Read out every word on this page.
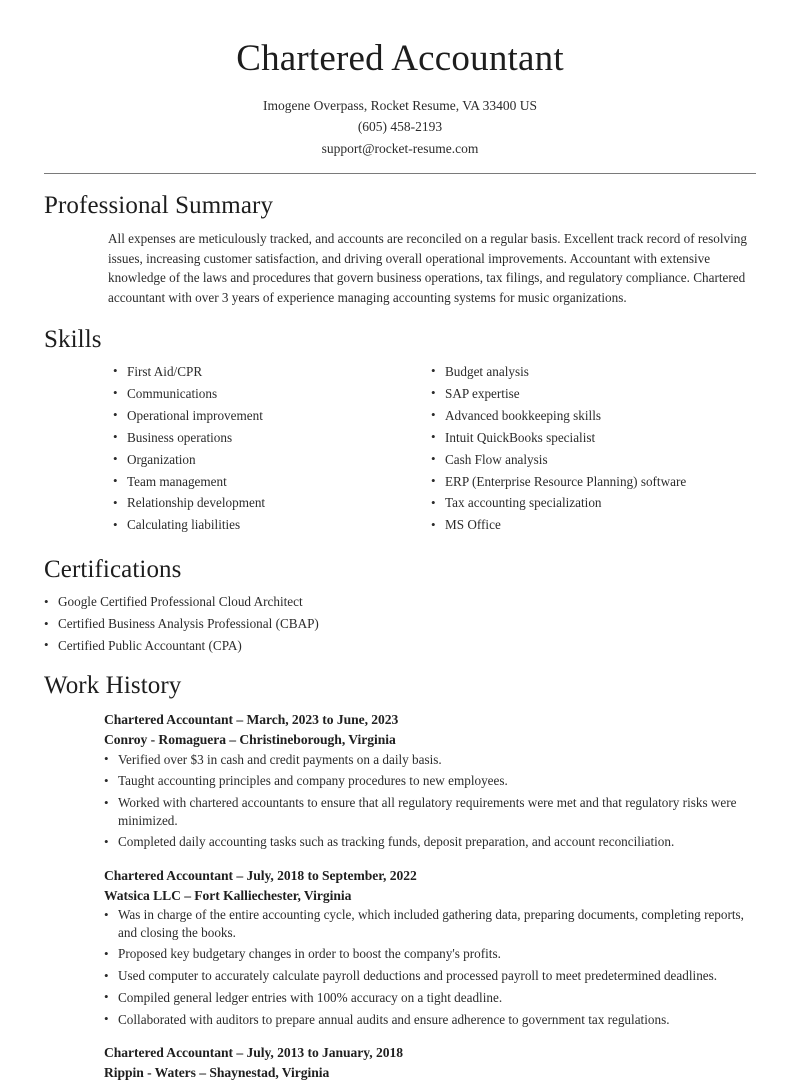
Chartered Accountant
Imogene Overpass, Rocket Resume, VA 33400 US
(605) 458-2193
support@rocket-resume.com
Professional Summary

All expenses are meticulously tracked, and accounts are reconciled on a regular basis. Excellent track record of resolving issues, increasing customer satisfaction, and driving overall operational improvements. Accountant with extensive knowledge of the laws and procedures that govern business operations, tax filings, and regulatory compliance. Chartered accountant with over 3 years of experience managing accounting systems for music organizations.

Skills
• First Aid/CPR
• Communications
• Operational improvement
• Business operations
• Organization
• Team management
• Relationship development
• Calculating liabilities
• Budget analysis
• SAP expertise
• Advanced bookkeeping skills
• Intuit QuickBooks specialist
• Cash Flow analysis
• ERP (Enterprise Resource Planning) software
• Tax accounting specialization
• MS Office
Certifications
• Google Certified Professional Cloud Architect
• Certified Business Analysis Professional (CBAP)
• Certified Public Accountant (CPA)
Work History
Chartered Accountant – March, 2023 to June, 2023
Conroy - Romaguera – Christineborough, Virginia
• Verified over $3 in cash and credit payments on a daily basis.
• Taught accounting principles and company procedures to new employees.
• Worked with chartered accountants to ensure that all regulatory requirements were met and that regulatory risks were minimized.
• Completed daily accounting tasks such as tracking funds, deposit preparation, and account reconciliation.
Chartered Accountant – July, 2018 to September, 2022
Watsica LLC – Fort Kalliechester, Virginia
• Was in charge of the entire accounting cycle, which included gathering data, preparing documents, completing reports, and closing the books.
• Proposed key budgetary changes in order to boost the company's profits.
• Used computer to accurately calculate payroll deductions and processed payroll to meet predetermined deadlines.
• Compiled general ledger entries with 100% accuracy on a tight deadline.
• Collaborated with auditors to prepare annual audits and ensure adherence to government tax regulations.
Chartered Accountant – July, 2013 to January, 2018
Rippin - Waters – Shaynestad, Virginia
